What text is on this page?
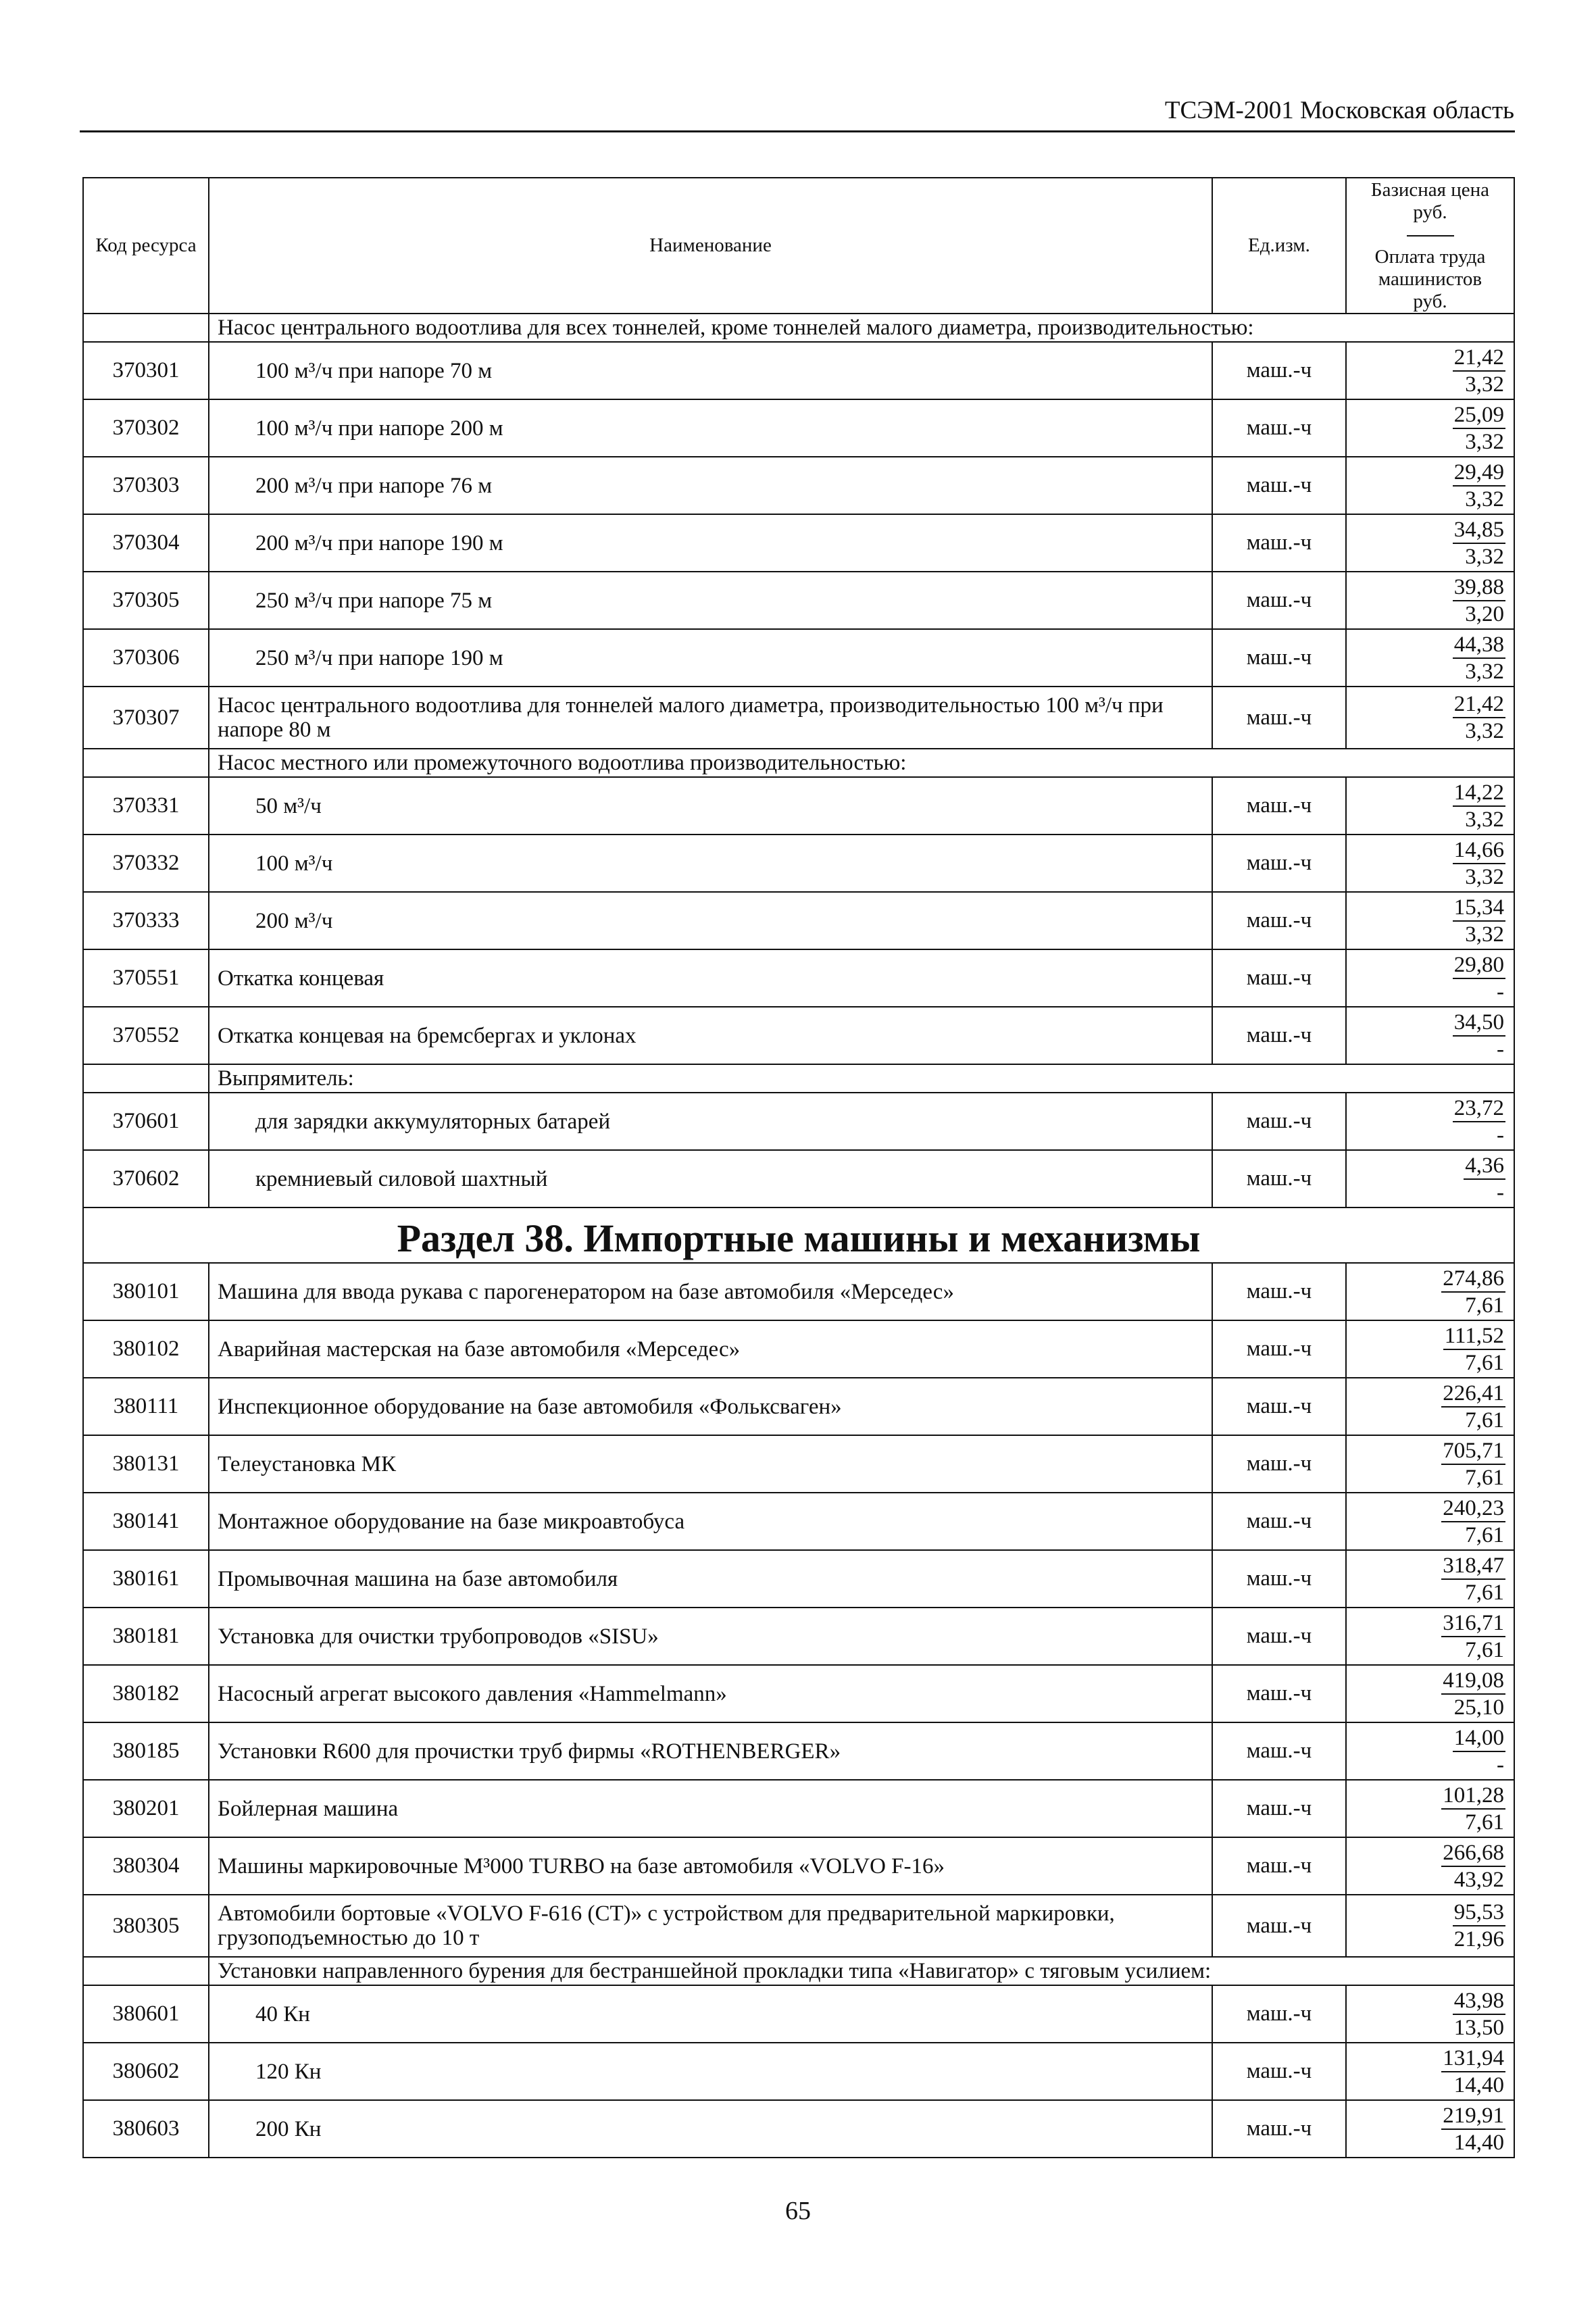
ТСЭМ-2001 Московская область
Код ресурса	Наименование	Ед.изм.	Базисная цена
руб.
Оплата труда
машинистов
руб.

	Насос центрального водоотлива для всех тоннелей, кроме тоннелей малого диаметра, производительностью:		
370301	100 м³/ч при напоре 70 м	маш.-ч	$\frac{21,42}{3,32}$

370302	100 м³/ч при напоре 200 м	маш.-ч	$\frac{25,09}{3,32}$

370303	200 м³/ч при напоре 76 м	маш.-ч	$\frac{29,49}{3,32}$

370304	200 м³/ч при напоре 190 м	маш.-ч	$\frac{34,85}{3,32}$

370305	250 м³/ч при напоре 75 м	маш.-ч	$\frac{39,88}{3,20}$

370306	250 м³/ч при напоре 190 м	маш.-ч	$\frac{44,38}{3,32}$

370307	Насос центрального водоотлива для тоннелей малого диаметра, производительностью 100 м³/ч при напоре 80 м	маш.-ч	$\frac{21,42}{3,32}$

	Насос местного или промежуточного водоотлива производительностью:		
370331	50 м³/ч	маш.-ч	$\frac{14,22}{3,32}$

370332	100 м³/ч	маш.-ч	$\frac{14,66}{3,32}$

370333	200 м³/ч	маш.-ч	$\frac{15,34}{3,32}$

370551	Откатка концевая	маш.-ч	$\frac{29,80}{-}$

370552	Откатка концевая на бремсбергах и уклонах	маш.-ч	$\frac{34,50}{-}$

	Выпрямитель:		
370601	для зарядки аккумуляторных батарей	маш.-ч	$\frac{23,72}{-}$

370602	кремниевый силовой шахтный	маш.-ч	$\frac{4,36}{-}$

Раздел 38. Импортные машины и механизмы			
380101	Машина для ввода рукава с парогенератором на базе автомобиля «Мерседес»	маш.-ч	$\frac{274,86}{7,61}$

380102	Аварийная мастерская на базе автомобиля «Мерседес»	маш.-ч	$\frac{111,52}{7,61}$

380111	Инспекционное оборудование на базе автомобиля «Фольксваген»	маш.-ч	$\frac{226,41}{7,61}$

380131	Телеустановка МК	маш.-ч	$\frac{705,71}{7,61}$

380141	Монтажное оборудование на базе микроавтобуса	маш.-ч	$\frac{240,23}{7,61}$

380161	Промывочная машина на базе автомобиля	маш.-ч	$\frac{318,47}{7,61}$

380181	Установка для очистки трубопроводов «SISU»	маш.-ч	$\frac{316,71}{7,61}$

380182	Насосный агрегат высокого давления «Hammelmann»	маш.-ч	$\frac{419,08}{25,10}$

380185	Установки R600 для прочистки труб фирмы «ROTHENBERGER»	маш.-ч	$\frac{14,00}{-}$

380201	Бойлерная машина	маш.-ч	$\frac{101,28}{7,61}$

380304	Машины маркировочные М³000 TURBO на базе автомобиля «VOLVO F-16»	маш.-ч	$\frac{266,68}{43,92}$

380305	Автомобили бортовые «VOLVO F-616 (СТ)» с устройством для предварительной маркировки, грузоподъемностью до 10 т	маш.-ч	$\frac{95,53}{21,96}$

	Установки направленного бурения для бестраншейной прокладки типа «Навигатор» с тяговым усилием:		
380601	40 Кн	маш.-ч	$\frac{43,98}{13,50}$

380602	120 Кн	маш.-ч	$\frac{131,94}{14,40}$

380603	200 Кн	маш.-ч	$\frac{219,91}{14,40}$
65
